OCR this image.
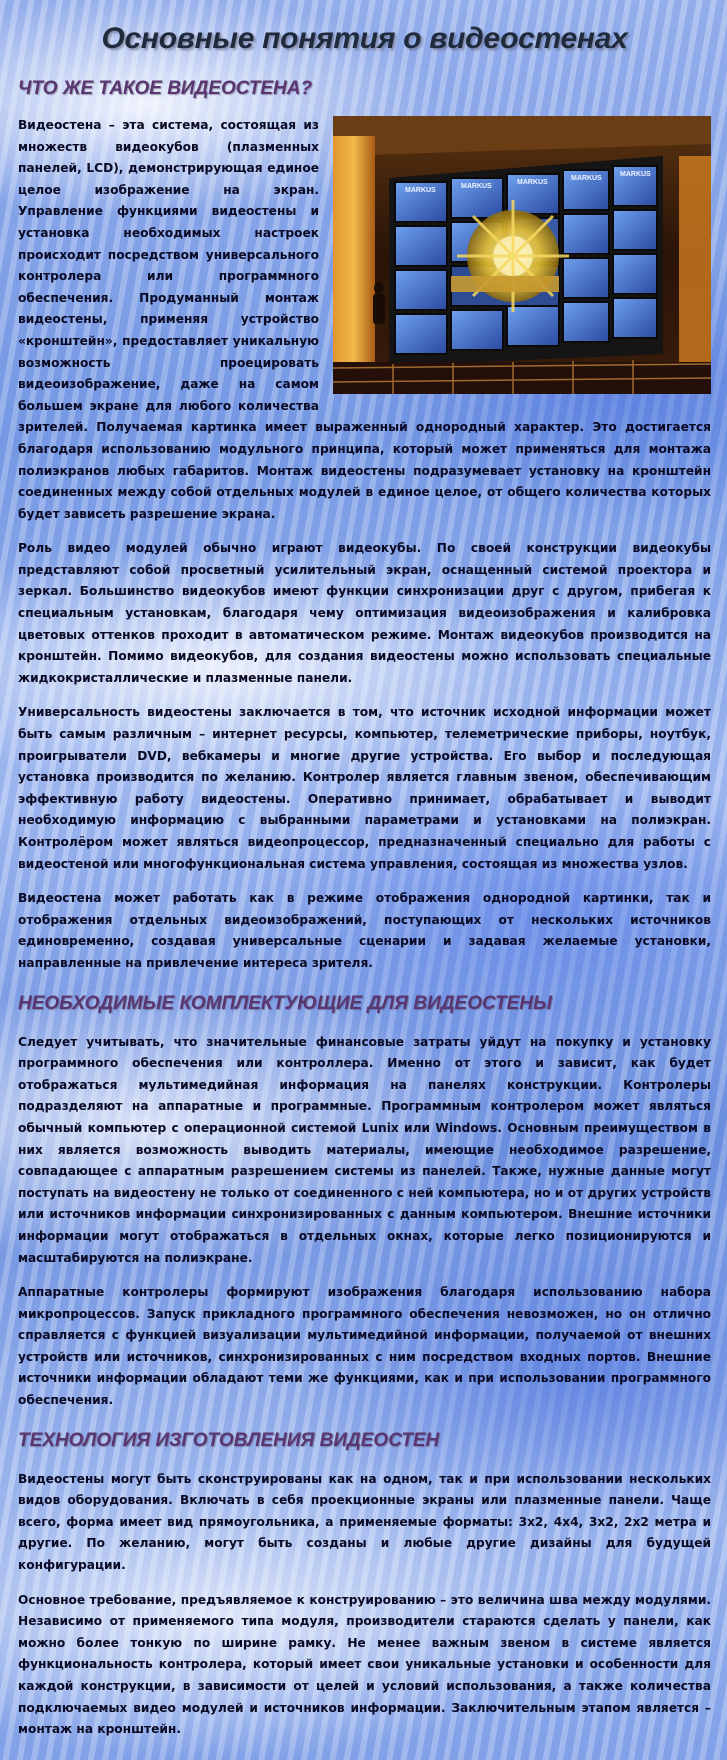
Основные понятия о видеостенах
ЧТО ЖЕ ТАКОЕ ВИДЕОСТЕНА?
MARKUS
MARKUS
MARKUS
MARKUS
MARKUS

Видеостена – эта система, состоящая из множеств видеокубов (плазменных панелей, LCD), демонстрирующая единое целое изображение на экран. Управление функциями видеостены и установка необходимых настроек происходит посредством универсального контролера или программного обеспечения. Продуманный монтаж видеостены, применяя устройство «кронштейн», предоставляет уникальную возможность проецировать видеоизображение, даже на самом большем экране для любого количества зрителей. Получаемая картинка имеет выраженный однородный характер. Это достигается благодаря использованию модульного принципа, который может применяться для монтажа полиэкранов любых габаритов. Монтаж видеостены подразумевает установку на кронштейн соединенных между собой отдельных модулей в единое целое, от общего количества которых будет зависеть разрешение экрана.

Роль видео модулей обычно играют видеокубы. По своей конструкции видеокубы представляют собой просветный усилительный экран, оснащенный системой проектора и зеркал. Большинство видеокубов имеют функции синхронизации друг с другом, прибегая к специальным установкам, благодаря чему оптимизация видеоизображения и калибровка цветовых оттенков проходит в автоматическом режиме. Монтаж видеокубов производится на кронштейн. Помимо видеокубов, для создания видеостены можно использовать специальные жидкокристаллические и плазменные панели.

Универсальность видеостены заключается в том, что источник исходной информации может быть самым различным – интернет ресурсы, компьютер, телеметрические приборы, ноутбук, проигрыватели DVD, вебкамеры и многие другие устройства. Его выбор и последующая установка производится по желанию. Контролер является главным звеном, обеспечивающим эффективную работу видеостены. Оперативно принимает, обрабатывает и выводит необходимую информацию с выбранными параметрами и установками на полиэкран. Контролёром может являться видеопроцессор, предназначенный специально для работы с видеостеной или многофункциональная система управления, состоящая из множества узлов.

Видеостена может работать как в режиме отображения однородной картинки, так и отображения отдельных видеоизображений, поступающих от нескольких источников единовременно, создавая универсальные сценарии и задавая желаемые установки, направленные на привлечение интереса зрителя.

НЕОБХОДИМЫЕ КОМПЛЕКТУЮЩИЕ ДЛЯ ВИДЕОСТЕНЫ

Следует учитывать, что значительные финансовые затраты уйдут на покупку и установку программного обеспечения или контроллера. Именно от этого и зависит, как будет отображаться мультимедийная информация на панелях конструкции. Контролеры подразделяют на аппаратные и программные. Программным контролером может являться обычный компьютер с операционной системой Lunix или Windows. Основным преимуществом в них является возможность выводить материалы, имеющие необходимое разрешение, совпадающее с аппаратным разрешением системы из панелей. Также, нужные данные могут поступать на видеостену не только от соединенного с ней компьютера, но и от других устройств или источников информации синхронизированных с данным компьютером. Внешние источники информации могут отображаться в отдельных окнах, которые легко позиционируются и масштабируются на полиэкране.

Аппаратные контролеры формируют изображения благодаря использованию набора микропроцессов. Запуск прикладного программного обеспечения невозможен, но он отлично справляется с функцией визуализации мультимедийной информации, получаемой от внешних устройств или источников, синхронизированных с ним посредством входных портов. Внешние источники информации обладают теми же функциями, как и при использовании программного обеспечения.

ТЕХНОЛОГИЯ ИЗГОТОВЛЕНИЯ ВИДЕОСТЕН

Видеостены могут быть сконструированы как на одном, так и при использовании нескольких видов оборудования. Включать в себя проекционные экраны или плазменные панели. Чаще всего, форма имеет вид прямоугольника, а применяемые форматы: 3х2, 4х4, 3х2, 2х2 метра и другие. По желанию, могут быть созданы и любые другие дизайны для будущей конфигурации.

Основное требование, предъявляемое к конструированию – это величина шва между модулями. Независимо от применяемого типа модуля, производители стараются сделать у панели, как можно более тонкую по ширине рамку. Не менее важным звеном в системе является функциональность контролера, который имеет свои уникальные установки и особенности для каждой конструкции, в зависимости от целей и условий использования, а также количества подключаемых видео модулей и источников информации. Заключительным этапом является – монтаж на кронштейн.
